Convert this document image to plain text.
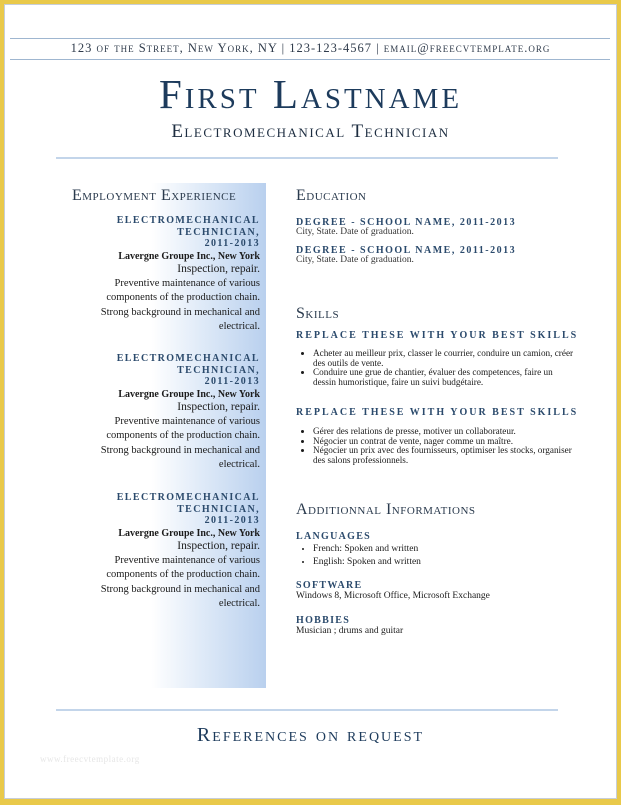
123 of the Street, New York, NY | 123-123-4567 | email@freecvtemplate.org
First Lastname
Electromechanical Technician
Employment Experience
ELECTROMECHANICAL TECHNICIAN,
2011-2013
Lavergne Groupe Inc., New York
Inspection, repair.
Preventive maintenance of various
components of the production chain.
Strong background in mechanical and
electrical.
ELECTROMECHANICAL TECHNICIAN,
2011-2013
Lavergne Groupe Inc., New York
Inspection, repair.
Preventive maintenance of various
components of the production chain.
Strong background in mechanical and
electrical.
ELECTROMECHANICAL TECHNICIAN,
2011-2013
Lavergne Groupe Inc., New York
Inspection, repair.
Preventive maintenance of various
components of the production chain.
Strong background in mechanical and
electrical.
Education
DEGREE - SCHOOL NAME, 2011-2013
City, State. Date of graduation.
DEGREE - SCHOOL NAME, 2011-2013
City, State. Date of graduation.
Skills
REPLACE THESE WITH YOUR BEST SKILLS
• Acheter au meilleur prix, classer le courrier, conduire un camion, créer des outils de vente.
• Conduire une grue de chantier, évaluer des competences, faire un dessin humoristique, faire un suivi budgétaire.
REPLACE THESE WITH YOUR BEST SKILLS
• Gérer des relations de presse, motiver un collaborateur.
• Négocier un contrat de vente, nager comme un maître.
• Négocier un prix avec des fournisseurs, optimiser les stocks, organiser des salons professionnels.
Additionnal Informations
LANGUAGES
• French: Spoken and written
• English: Spoken and written
SOFTWARE
Windows 8, Microsoft Office, Microsoft Exchange
HOBBIES
Musician ; drums and guitar
References on request
www.freecvtemplate.org
